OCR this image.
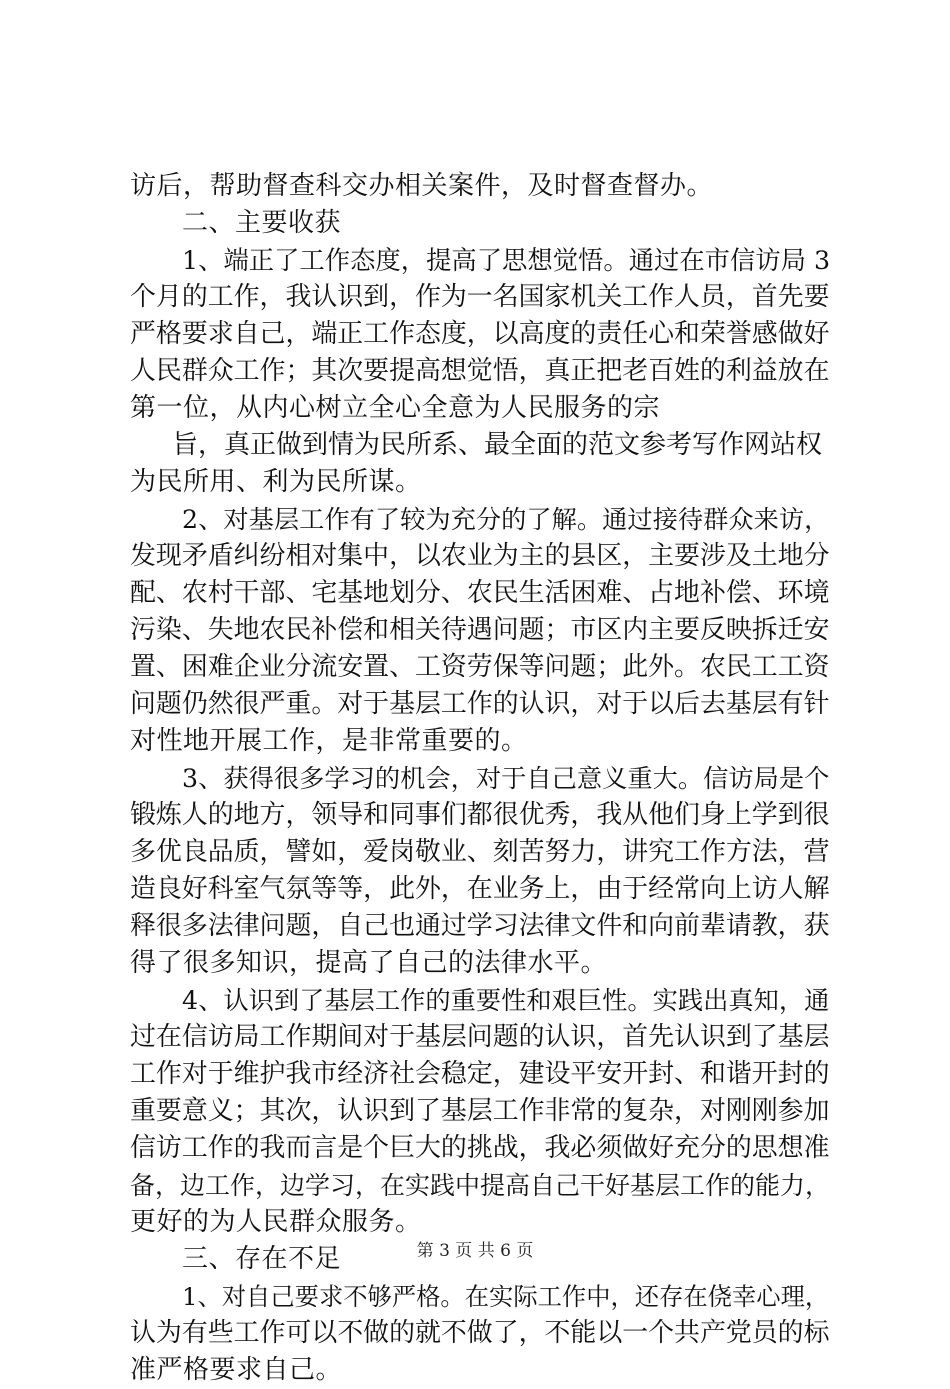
访后，帮助督查科交办相关案件，及时督查督办。
二、主要收获
1、端正了工作态度，提高了思想觉悟。通过在市信访局 3
个月的工作，我认识到，作为一名国家机关工作人员，首先要
严格要求自己，端正工作态度，以高度的责任心和荣誉感做好
人民群众工作；其次要提高想觉悟，真正把老百姓的利益放在
第一位，从内心树立全心全意为人民服务的宗
旨，真正做到情为民所系、最全面的范文参考写作网站权
为民所用、利为民所谋。
2、对基层工作有了较为充分的了解。通过接待群众来访，
发现矛盾纠纷相对集中，以农业为主的县区，主要涉及土地分
配、农村干部、宅基地划分、农民生活困难、占地补偿、环境
污染、失地农民补偿和相关待遇问题；市区内主要反映拆迁安
置、困难企业分流安置、工资劳保等问题；此外。农民工工资
问题仍然很严重。对于基层工作的认识，对于以后去基层有针
对性地开展工作，是非常重要的。
3、获得很多学习的机会，对于自己意义重大。信访局是个
锻炼人的地方，领导和同事们都很优秀，我从他们身上学到很
多优良品质，譬如，爱岗敬业、刻苦努力，讲究工作方法，营
造良好科室气氛等等，此外，在业务上，由于经常向上访人解
释很多法律问题，自己也通过学习法律文件和向前辈请教，获
得了很多知识，提高了自己的法律水平。
4、认识到了基层工作的重要性和艰巨性。实践出真知，通
过在信访局工作期间对于基层问题的认识，首先认识到了基层
工作对于维护我市经济社会稳定，建设平安开封、和谐开封的
重要意义；其次，认识到了基层工作非常的复杂，对刚刚参加
信访工作的我而言是个巨大的挑战，我必须做好充分的思想准
备，边工作，边学习，在实践中提高自己干好基层工作的能力，
更好的为人民群众服务。
三、存在不足
1、对自己要求不够严格。在实际工作中，还存在侥幸心理，
认为有些工作可以不做的就不做了，不能以一个共产党员的标
准严格要求自己。
第 3 页 共 6 页
